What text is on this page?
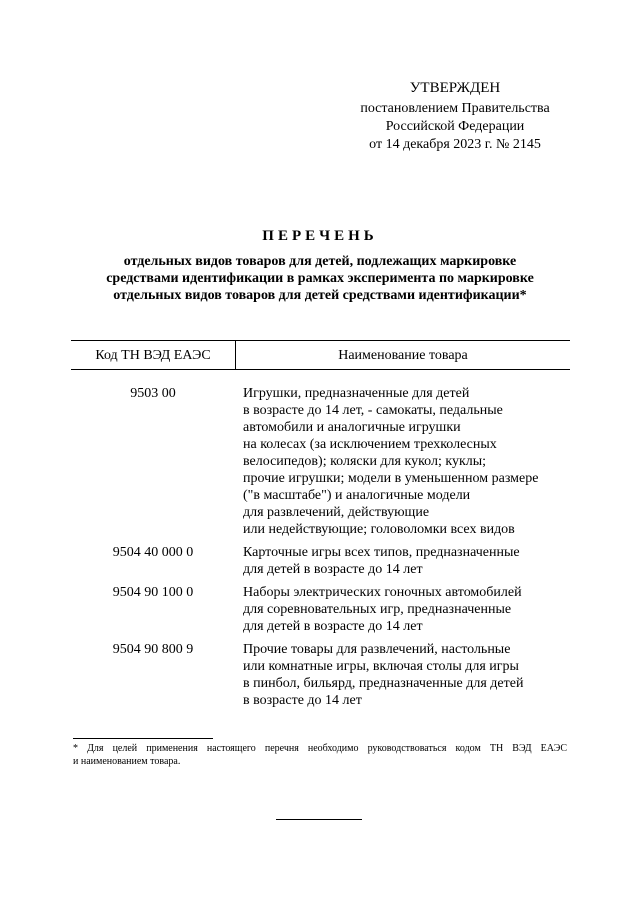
УТВЕРЖДЕН
постановлением Правительства
Российской Федерации
от 14 декабря 2023 г. № 2145
ПЕРЕЧЕНЬ
отдельных видов товаров для детей, подлежащих маркировке
средствами идентификации в рамках эксперимента по маркировке
отдельных видов товаров для детей средствами идентификации*
Код ТН ВЭД ЕАЭС	Наименование товара
9503 00	Игрушки, предназначенные для детей
в возрасте до 14 лет, - самокаты, педальные
автомобили и аналогичные игрушки
на колесах (за исключением трехколесных
велосипедов); коляски для кукол; куклы;
прочие игрушки; модели в уменьшенном размере
("в масштабе") и аналогичные модели
для развлечений, действующие
или недействующие; головоломки всех видов
9504 40 000 0	Карточные игры всех типов, предназначенные
для детей в возрасте до 14 лет
9504 90 100 0	Наборы электрических гоночных автомобилей
для соревновательных игр, предназначенные
для детей в возрасте до 14 лет
9504 90 800 9	Прочие товары для развлечений, настольные
или комнатные игры, включая столы для игры
в пинбол, бильярд, предназначенные для детей
в возрасте до 14 лет
* Для целей применения настоящего перечня необходимо руководствоваться кодом ТН ВЭД ЕАЭС
и наименованием товара.
